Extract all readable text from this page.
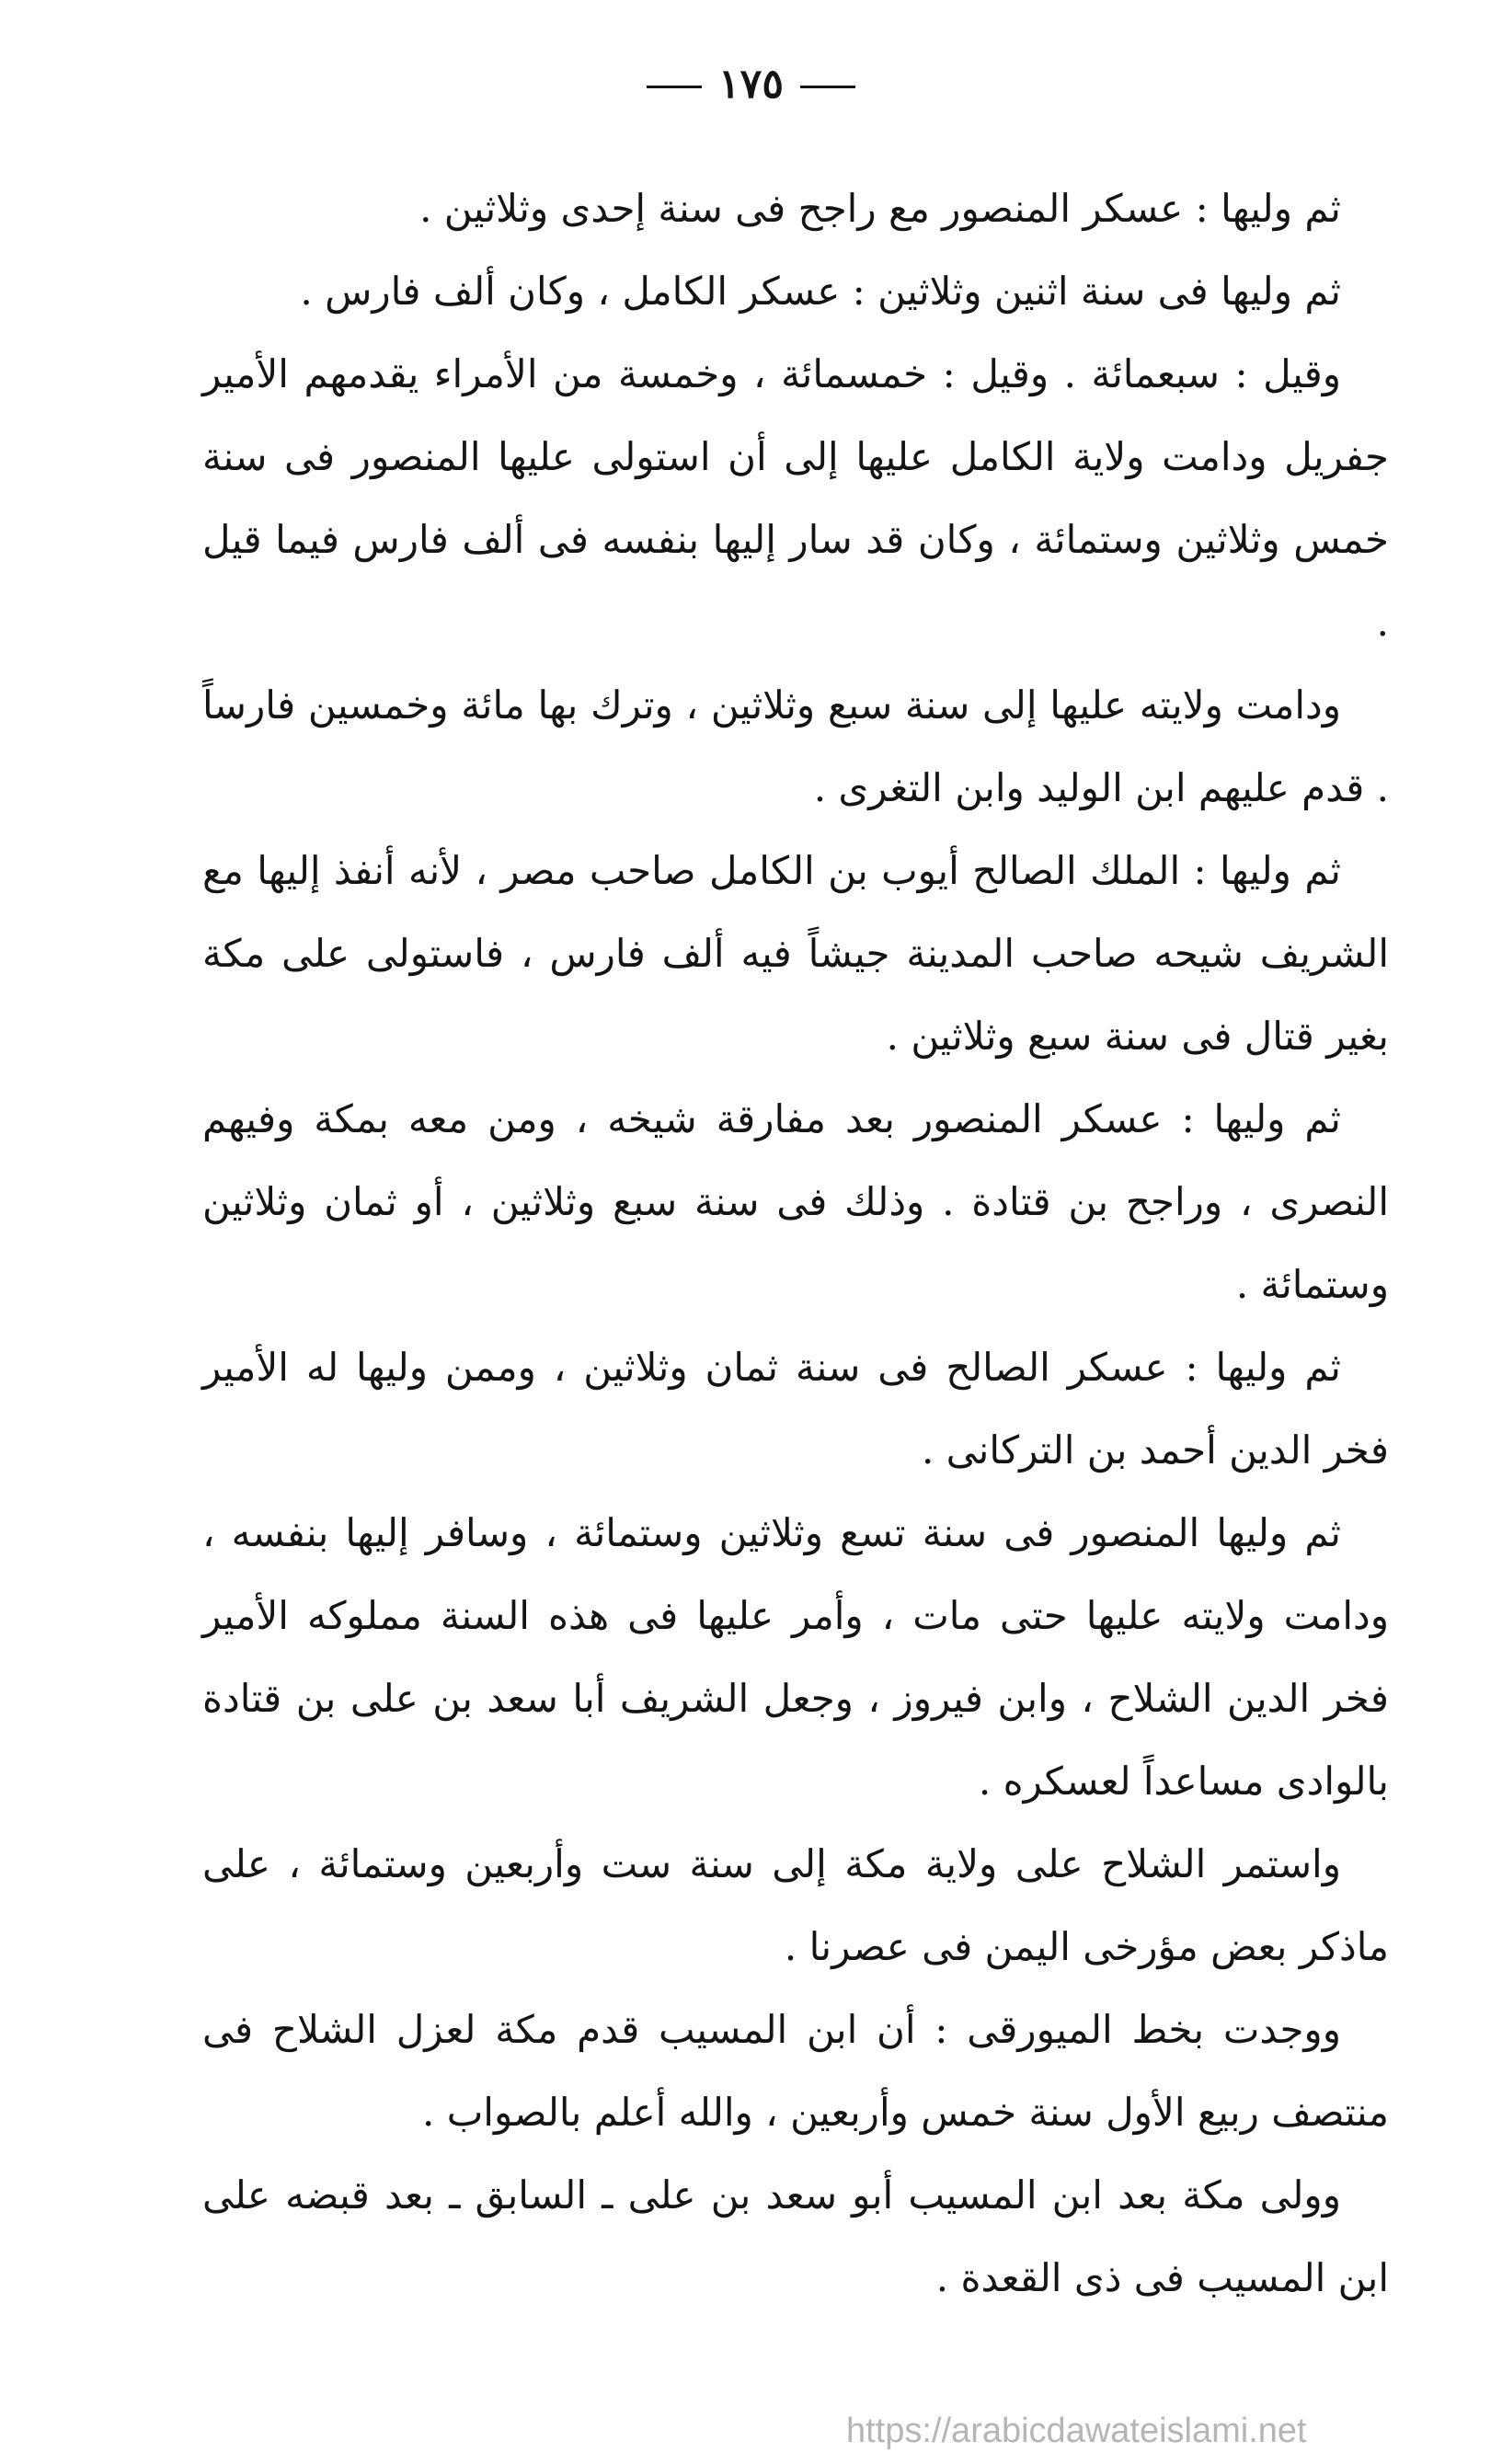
١٧٥

ثم وليها : عسكر المنصور مع راجح فى سنة إحدى وثلاثين .

ثم وليها فى سنة اثنين وثلاثين : عسكر الكامل ، وكان ألف فارس .

وقيل : سبعمائة . وقيل : خمسمائة ، وخمسة من الأمراء يقدمهم الأمير جفريل ودامت ولاية الكامل عليها إلى أن استولى عليها المنصور فى سنة خمس وثلاثين وستمائة ، وكان قد سار إليها بنفسه فى ألف فارس فيما قيل .

ودامت ولايته عليها إلى سنة سبع وثلاثين ، وترك بها مائة وخمسين فارساً . قدم عليهم ابن الوليد وابن التغرى .

ثم وليها : الملك الصالح أيوب بن الكامل صاحب مصر ، لأنه أنفذ إليها مع الشريف شيحه صاحب المدينة جيشاً فيه ألف فارس ، فاستولى على مكة بغير قتال فى سنة سبع وثلاثين .

ثم وليها : عسكر المنصور بعد مفارقة شيخه ، ومن معه بمكة وفيهم النصرى ، وراجح بن قتادة . وذلك فى سنة سبع وثلاثين ، أو ثمان وثلاثين وستمائة .

ثم وليها : عسكر الصالح فى سنة ثمان وثلاثين ، وممن وليها له الأمير فخر الدين أحمد بن التركانى .

ثم وليها المنصور فى سنة تسع وثلاثين وستمائة ، وسافر إليها بنفسه ، ودامت ولايته عليها حتى مات ، وأمر عليها فى هذه السنة مملوكه الأمير فخر الدين الشلاح ، وابن فيروز ، وجعل الشريف أبا سعد بن على بن قتادة بالوادى مساعداً لعسكره .

واستمر الشلاح على ولاية مكة إلى سنة ست وأربعين وستمائة ، على ماذكر بعض مؤرخى اليمن فى عصرنا .

ووجدت بخط الميورقى : أن ابن المسيب قدم مكة لعزل الشلاح فى منتصف ربيع الأول سنة خمس وأربعين ، والله أعلم بالصواب .

وولى مكة بعد ابن المسيب أبو سعد بن على ـ السابق ـ بعد قبضه على ابن المسيب فى ذى القعدة .

https://arabicdawateislami.net
